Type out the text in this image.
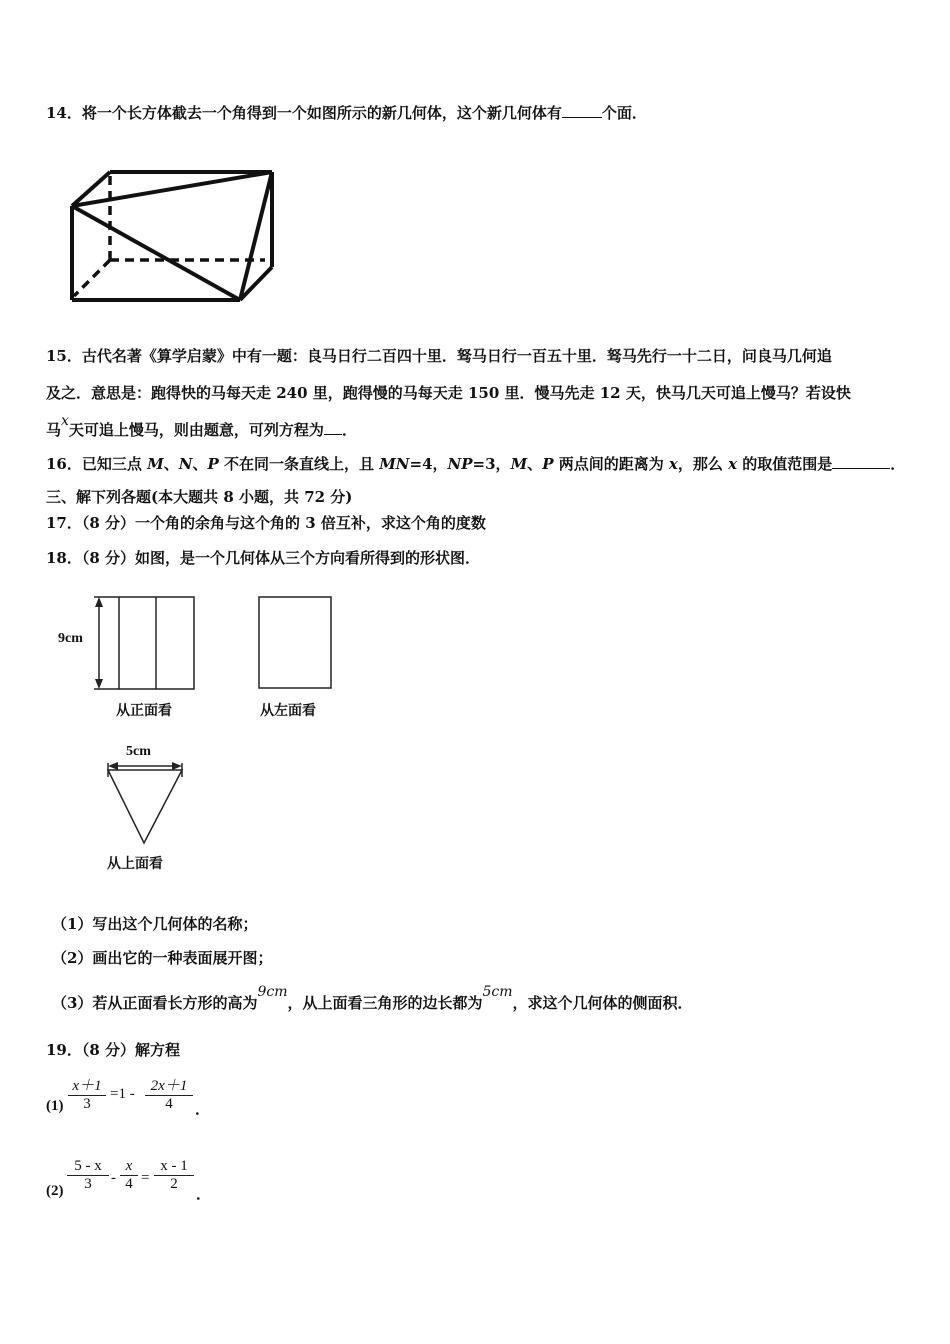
14．将一个长方体截去一个角得到一个如图所示的新几何体，这个新几何体有	个面．
15．古代名著《算学启蒙》中有一题：良马日行二百四十里．驽马日行一百五十里．驽马先行一十二日，问良马几何追
及之．意思是：跑得快的马每天走 240 里，跑得慢的马每天走 150 里．慢马先走 12 天，快马几天可追上慢马？若设快
马x天可追上慢马，则由题意，可列方程为 ．
16．已知三点 M、N、P 不在同一条直线上，且 MN=4，NP=3，M、P 两点间的距离为 x，那么 x 的取值范围是	．
三、解下列各题(本大题共 8 小题，共 72 分)
17．（8 分）一个角的余角与这个角的 3 倍互补，求这个角的度数
18．（8 分）如图，是一个几何体从三个方向看所得到的形状图．
9cm
5cm
从正面看	从左面看
从上面看
（1）写出这个几何体的名称；
（2）画出它的一种表面展开图；
（3）若从正面看长方形的高为9cm，从上面看三角形的边长都为5cm，求这个几何体的侧面积．
19．（8 分）解方程
(1)
x＋1
3
=1 -	2x＋1
4	．
(2)
5 - x
3	-
x
4 =
x - 1
2
．
